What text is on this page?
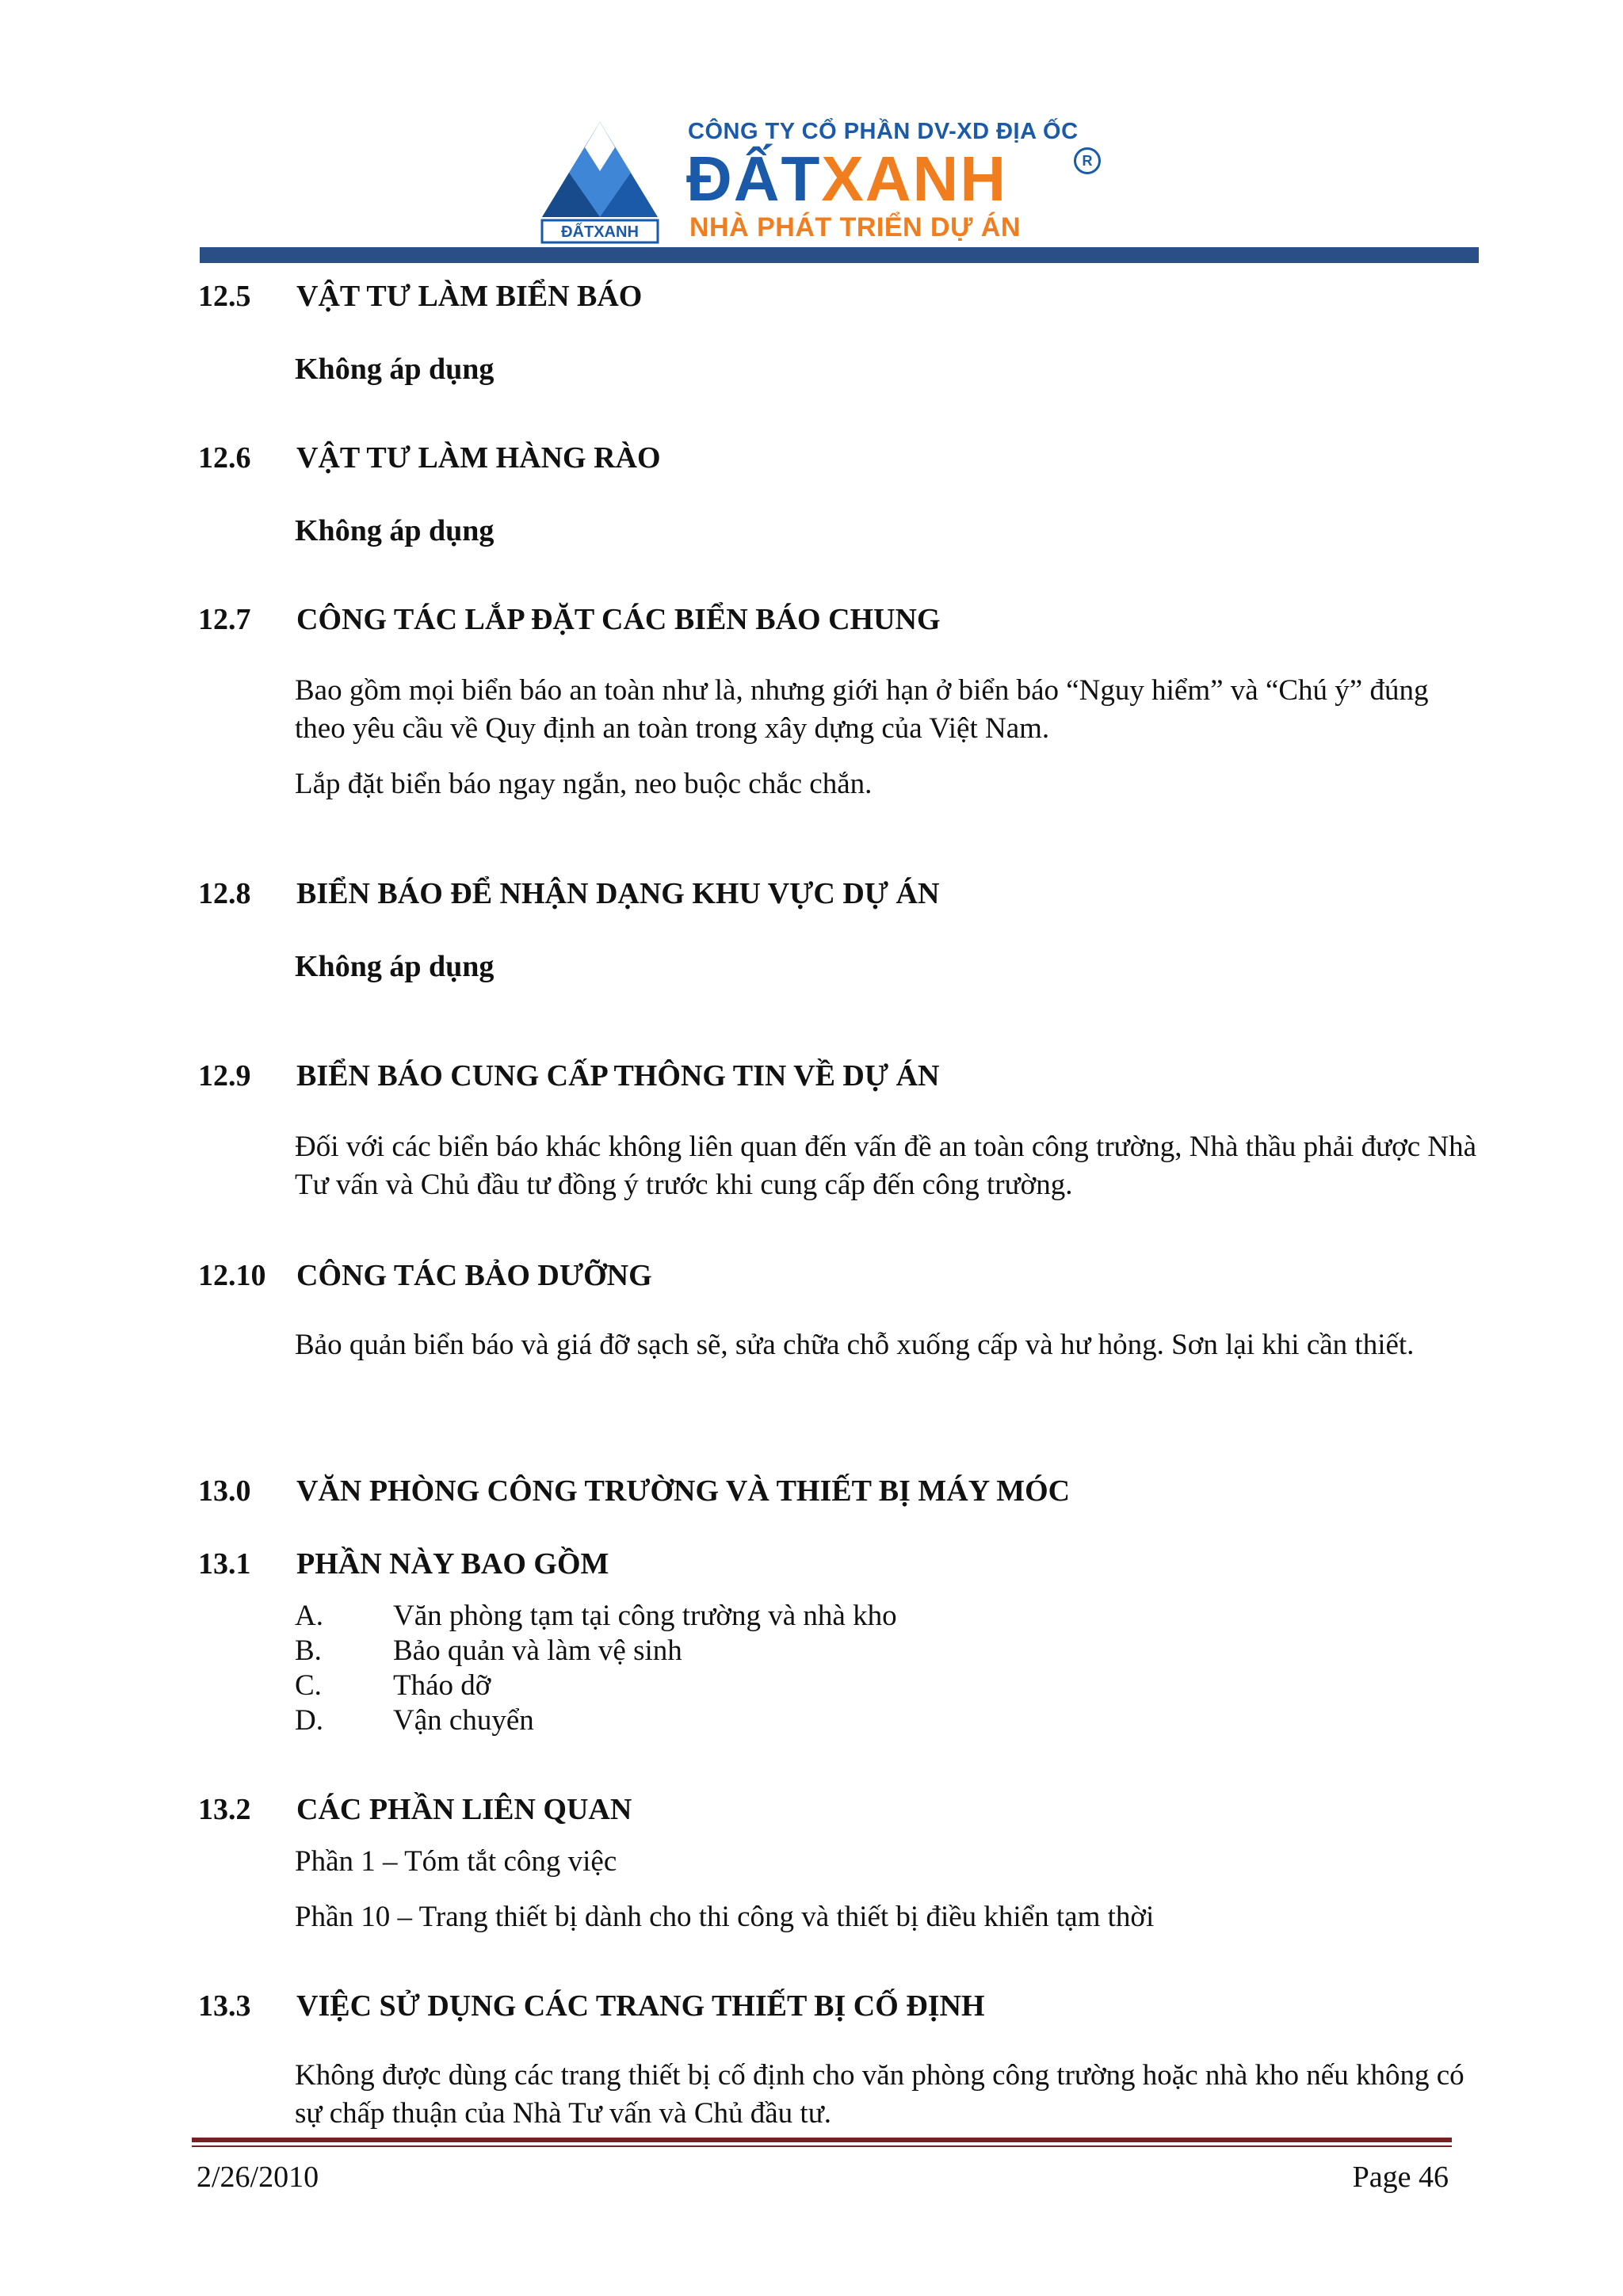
ĐẤTXANH
CÔNG TY CỔ PHẦN DV-XD ĐỊA ỐC
ĐẤTXANH	R
NHÀ PHÁT TRIỂN DỰ ÁN
12.5 VẬT TƯ LÀM BIỂN BÁO
Không áp dụng
12.6 VẬT TƯ LÀM HÀNG RÀO
Không áp dụng
12.7 CÔNG TÁC LẮP ĐẶT CÁC BIỂN BÁO CHUNG
Bao gồm mọi biển báo an toàn như là, nhưng giới hạn ở biển báo “Nguy hiểm” và “Chú ý” đúng theo yêu cầu về Quy định an toàn trong xây dựng của Việt Nam.
Lắp đặt biển báo ngay ngắn, neo buộc chắc chắn.
12.8 BIỂN BÁO ĐỂ NHẬN DẠNG KHU VỰC DỰ ÁN
Không áp dụng
12.9 BIỂN BÁO CUNG CẤP THÔNG TIN VỀ DỰ ÁN
Đối với các biển báo khác không liên quan đến vấn đề an toàn công trường, Nhà thầu phải được Nhà Tư vấn và Chủ đầu tư đồng ý trước khi cung cấp đến công trường.
12.10 CÔNG TÁC BẢO DƯỠNG
Bảo quản biển báo và giá đỡ sạch sẽ, sửa chữa chỗ xuống cấp và hư hỏng. Sơn lại khi cần thiết.
13.0 VĂN PHÒNG CÔNG TRƯỜNG VÀ THIẾT BỊ MÁY MÓC
13.1 PHẦN NÀY BAO GỒM
A. Văn phòng tạm tại công trường và nhà kho
B. Bảo quản và làm vệ sinh
C. Tháo dỡ
D. Vận chuyển
13.2 CÁC PHẦN LIÊN QUAN
Phần 1 – Tóm tắt công việc
Phần 10 – Trang thiết bị dành cho thi công và thiết bị điều khiển tạm thời
13.3 VIỆC SỬ DỤNG CÁC TRANG THIẾT BỊ CỐ ĐỊNH
Không được dùng các trang thiết bị cố định cho văn phòng công trường hoặc nhà kho nếu không có sự chấp thuận của Nhà Tư vấn và Chủ đầu tư.
2/26/2010	Page 46
